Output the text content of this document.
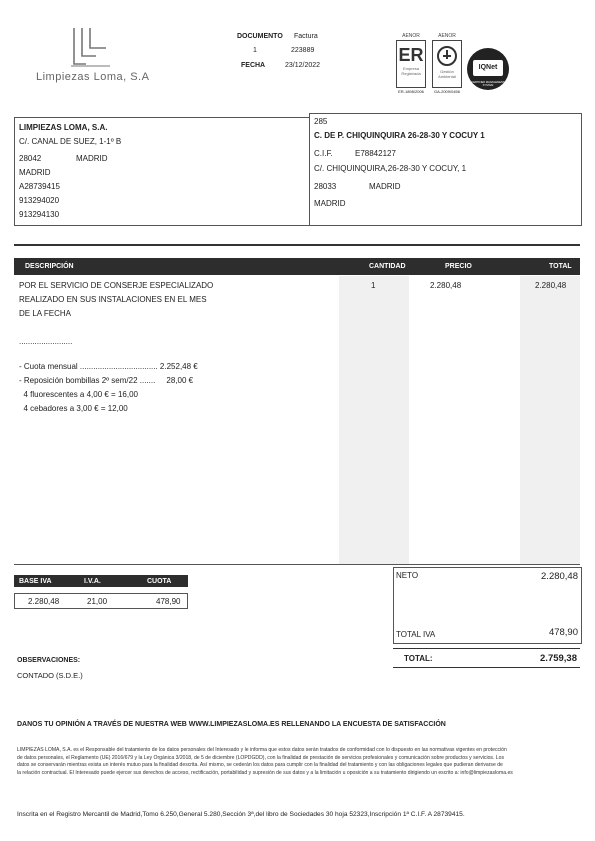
Limpiezas Loma, S.A
DOCUMENTO Factura
1	223889
FECHA	23/12/2022
AENOR
ER
Empresa Registrada
ER-1898/2006
AENOR
Gestión Ambiental
GA-2009/0456
IQNet
CERTIFIED MANAGEMENT SYSTEM
LIMPIEZAS LOMA, S.A.
C/. CANAL DE SUEZ, 1-1º B
28042	MADRID
MADRID
A28739415
913294020
913294130
285
C. DE P. CHIQUINQUIRA 26-28-30 Y COCUY 1
C.I.F.	E78842127
C/. CHIQUINQUIRA,26-28-30 Y COCUY, 1
28033	MADRID
MADRID
DESCRIPCIÓN	CANTIDAD	PRECIO	TOTAL
POR EL SERVICIO DE CONSERJE ESPECIALIZADO
REALIZADO EN SUS INSTALACIONES EN EL MES
DE LA FECHA
........................
- Cuota mensual ................................... 2.252,48 €
- Reposición bombillas 2º sem/22 .......     28,00 €
4 fluorescentes a 4,00 € = 16,00
4 cebadores a 3,00 € = 12,00
1	2.280,48	2.280,48
BASE IVA	I.V.A.	CUOTA
2.280,48	21,00	478,90
NETO	2.280,48
TOTAL IVA	478,90
TOTAL:	2.759,38
OBSERVACIONES:
CONTADO (S.D.E.)
DANOS TU OPINIÓN A TRAVÉS DE NUESTRA WEB WWW.LIMPIEZASLOMA.ES RELLENANDO LA ENCUESTA DE SATISFACCIÓN
LIMPIEZAS LOMA, S.A. es el Responsable del tratamiento de los datos personales del Interesado y le informa que estos datos serán tratados de conformidad con lo dispuesto en las normativas vigentes en protección
de datos personales, el Reglamento (UE) 2016/679 y la Ley Orgánica 3/2018, de 5 de diciembre (LOPDGDD), con la finalidad de prestación de servicios profesionales y comunicación sobre productos y servicios. Los
datos se conservarán mientras exista un interés mutuo para la finalidad descrita. Así mismo, se cederán los datos para cumplir con la finalidad del tratamiento y con las obligaciones legales que pudieran derivarse de
la relación contractual. El Interesado puede ejercer sus derechos de acceso, rectificación, portabilidad y supresión de sus datos y a la limitación u oposición a su tratamiento dirigiendo un escrito a: info@limpiezasloma.es
Inscrita en el Registro Mercantil de Madrid,Tomo 6.250,General 5.280,Sección 3ª,del libro de Sociedades 30 hoja 52323,Inscripción 1ª C.I.F. A 28739415.
